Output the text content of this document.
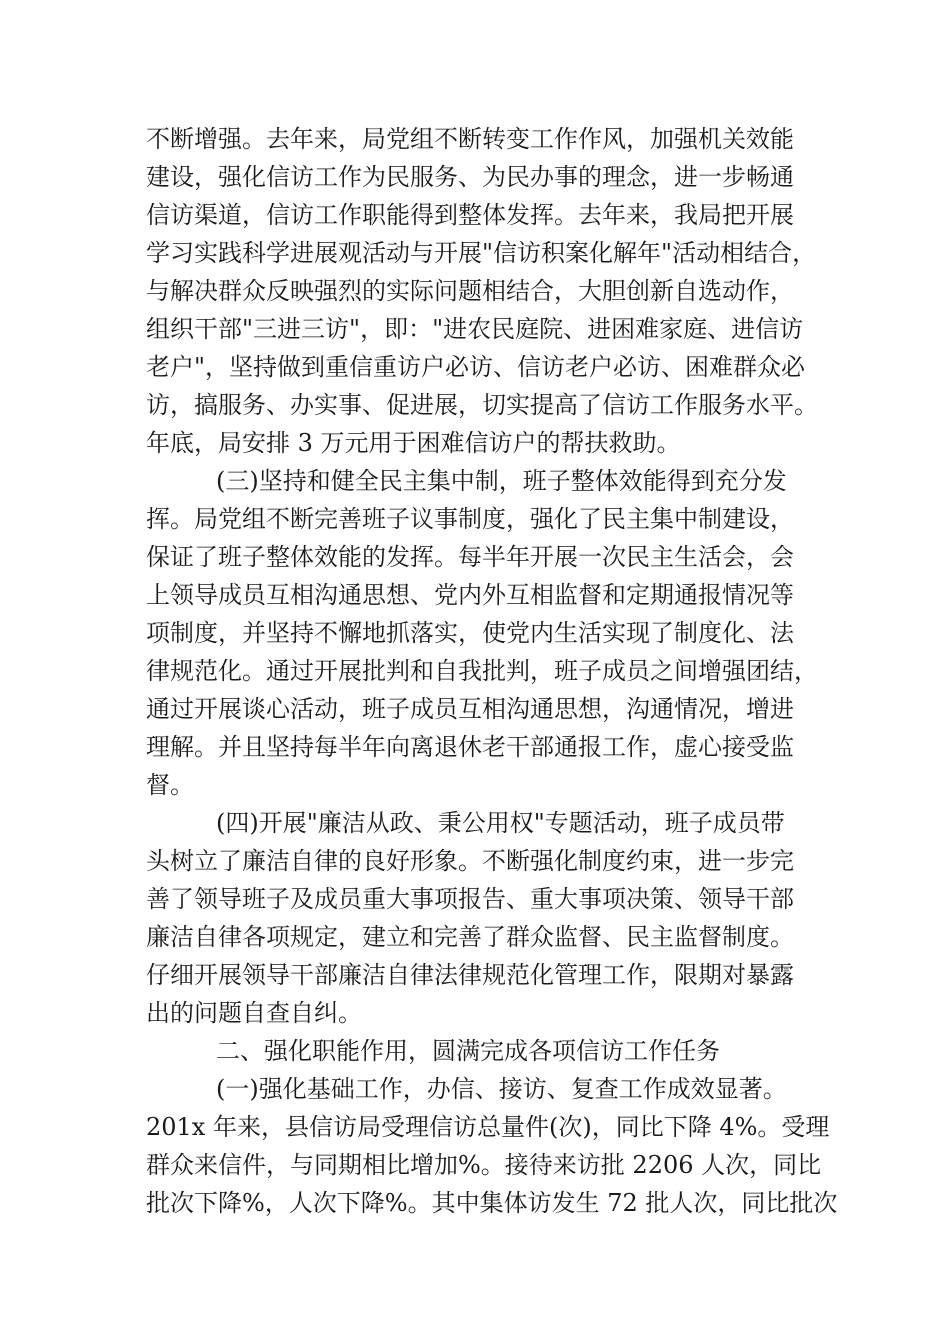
不断增强。去年来，局党组不断转变工作作风，加强机关效能
建设，强化信访工作为民服务、为民办事的理念，进一步畅通
信访渠道，信访工作职能得到整体发挥。去年来，我局把开展
学习实践科学进展观活动与开展"信访积案化解年"活动相结合，
与解决群众反映强烈的实际问题相结合，大胆创新自选动作，
组织干部"三进三访"，即："进农民庭院、进困难家庭、进信访
老户"，坚持做到重信重访户必访、信访老户必访、困难群众必
访，搞服务、办实事、促进展，切实提高了信访工作服务水平。
年底，局安排 3 万元用于困难信访户的帮扶救助。
(三)坚持和健全民主集中制，班子整体效能得到充分发
挥。局党组不断完善班子议事制度，强化了民主集中制建设，
保证了班子整体效能的发挥。每半年开展一次民主生活会，会
上领导成员互相沟通思想、党内外互相监督和定期通报情况等
项制度，并坚持不懈地抓落实，使党内生活实现了制度化、法
律规范化。通过开展批判和自我批判，班子成员之间增强团结，
通过开展谈心活动，班子成员互相沟通思想，沟通情况，增进
理解。并且坚持每半年向离退休老干部通报工作，虚心接受监
督。
(四)开展"廉洁从政、秉公用权"专题活动，班子成员带
头树立了廉洁自律的良好形象。不断强化制度约束，进一步完
善了领导班子及成员重大事项报告、重大事项决策、领导干部
廉洁自律各项规定，建立和完善了群众监督、民主监督制度。
仔细开展领导干部廉洁自律法律规范化管理工作，限期对暴露
出的问题自查自纠。
二、强化职能作用，圆满完成各项信访工作任务
(一)强化基础工作，办信、接访、复查工作成效显著。
201x 年来，县信访局受理信访总量件(次)，同比下降 4%。受理
群众来信件，与同期相比增加%。接待来访批 2206 人次，同比
批次下降%，人次下降%。其中集体访发生 72 批人次，同比批次
